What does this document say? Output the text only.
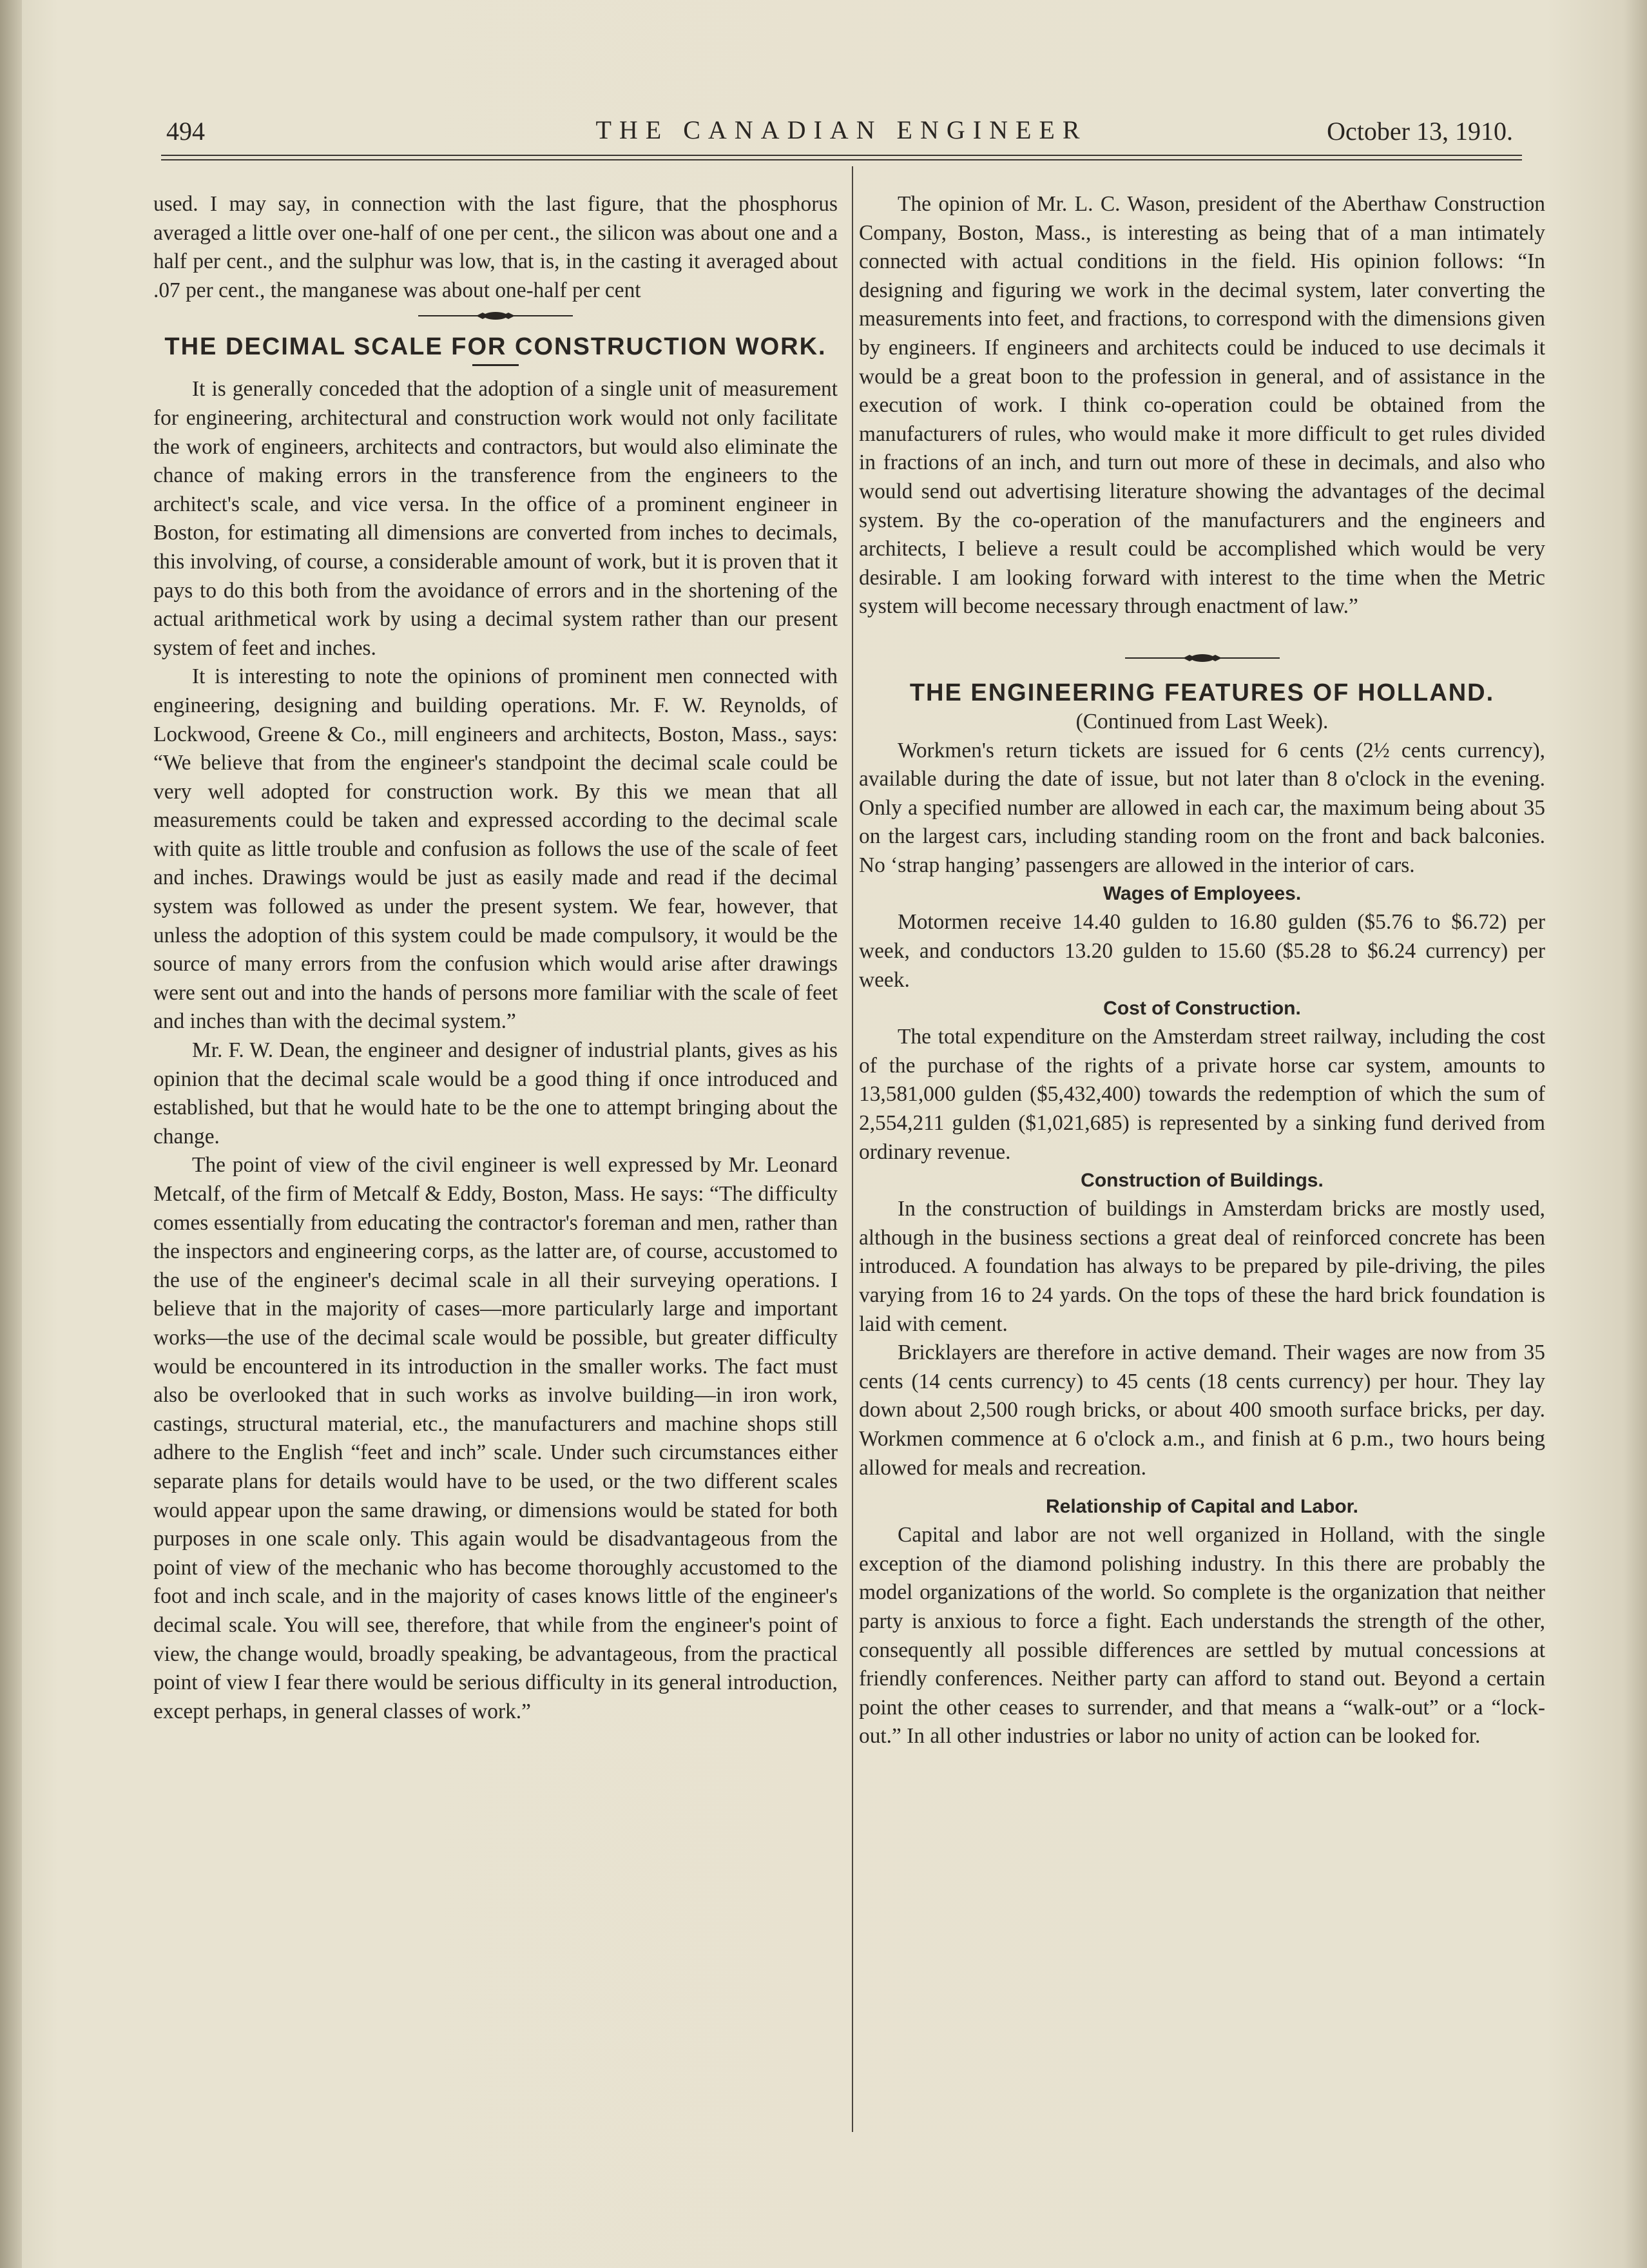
494	THE CANADIAN ENGINEER	October 13, 1910.

used. I may say, in connection with the last figure, that the phosphorus averaged a little over one-half of one per cent., the silicon was about one and a half per cent., and the sulphur was low, that is, in the casting it averaged about .07 per cent., the manganese was about one-half per cent

THE DECIMAL SCALE FOR CONSTRUCTION WORK.

It is generally conceded that the adoption of a single unit of measurement for engineering, architectural and construction work would not only facilitate the work of engineers, architects and contractors, but would also eliminate the chance of making errors in the transference from the engineers to the architect's scale, and vice versa. In the office of a prominent engineer in Boston, for estimating all dimensions are converted from inches to decimals, this involving, of course, a considerable amount of work, but it is proven that it pays to do this both from the avoidance of errors and in the shortening of the actual arithmetical work by using a decimal system rather than our present system of feet and inches.

It is interesting to note the opinions of prominent men connected with engineering, designing and building operations. Mr. F. W. Reynolds, of Lockwood, Greene & Co., mill engineers and architects, Boston, Mass., says: “We believe that from the engineer's standpoint the decimal scale could be very well adopted for construction work. By this we mean that all measurements could be taken and expressed according to the decimal scale with quite as little trouble and confusion as follows the use of the scale of feet and inches. Drawings would be just as easily made and read if the decimal system was followed as under the present system. We fear, however, that unless the adoption of this system could be made compulsory, it would be the source of many errors from the confusion which would arise after drawings were sent out and into the hands of persons more familiar with the scale of feet and inches than with the decimal system.”

Mr. F. W. Dean, the engineer and designer of industrial plants, gives as his opinion that the decimal scale would be a good thing if once introduced and established, but that he would hate to be the one to attempt bringing about the change.

The point of view of the civil engineer is well expressed by Mr. Leonard Metcalf, of the firm of Metcalf & Eddy, Boston, Mass. He says: “The difficulty comes essentially from educating the contractor's foreman and men, rather than the inspectors and engineering corps, as the latter are, of course, accustomed to the use of the engineer's decimal scale in all their surveying operations. I believe that in the majority of cases—more particularly large and important works—the use of the decimal scale would be possible, but greater difficulty would be encountered in its introduction in the smaller works. The fact must also be overlooked that in such works as involve building—in iron work, castings, structural material, etc., the manufacturers and machine shops still adhere to the English “feet and inch” scale. Under such circumstances either separate plans for details would have to be used, or the two different scales would appear upon the same drawing, or dimensions would be stated for both purposes in one scale only. This again would be disadvantageous from the point of view of the mechanic who has become thoroughly accustomed to the foot and inch scale, and in the majority of cases knows little of the engineer's decimal scale. You will see, therefore, that while from the engineer's point of view, the change would, broadly speaking, be advantageous, from the practical point of view I fear there would be serious difficulty in its general introduction, except perhaps, in general classes of work.”

The opinion of Mr. L. C. Wason, president of the Aberthaw Construction Company, Boston, Mass., is interesting as being that of a man intimately connected with actual conditions in the field. His opinion follows: “In designing and figuring we work in the decimal system, later converting the measurements into feet, and fractions, to correspond with the dimensions given by engineers. If engineers and architects could be induced to use decimals it would be a great boon to the profession in general, and of assistance in the execution of work. I think co-operation could be obtained from the manufacturers of rules, who would make it more difficult to get rules divided in fractions of an inch, and turn out more of these in decimals, and also who would send out advertising literature showing the advantages of the decimal system. By the co-operation of the manufacturers and the engineers and architects, I believe a result could be accomplished which would be very desirable. I am looking forward with interest to the time when the Metric system will become necessary through enactment of law.”

THE ENGINEERING FEATURES OF HOLLAND.
(Continued from Last Week).

Workmen's return tickets are issued for 6 cents (2½ cents currency), available during the date of issue, but not later than 8 o'clock in the evening. Only a specified number are allowed in each car, the maximum being about 35 on the largest cars, including standing room on the front and back balconies. No ‘strap hanging’ passengers are allowed in the interior of cars.

Wages of Employees.

Motormen receive 14.40 gulden to 16.80 gulden ($5.76 to $6.72) per week, and conductors 13.20 gulden to 15.60 ($5.28 to $6.24 currency) per week.

Cost of Construction.

The total expenditure on the Amsterdam street railway, including the cost of the purchase of the rights of a private horse car system, amounts to 13,581,000 gulden ($5,432,400) towards the redemption of which the sum of 2,554,211 gulden ($1,021,685) is represented by a sinking fund derived from ordinary revenue.

Construction of Buildings.

In the construction of buildings in Amsterdam bricks are mostly used, although in the business sections a great deal of reinforced concrete has been introduced. A foundation has always to be prepared by pile-driving, the piles varying from 16 to 24 yards. On the tops of these the hard brick foundation is laid with cement.

Bricklayers are therefore in active demand. Their wages are now from 35 cents (14 cents currency) to 45 cents (18 cents currency) per hour. They lay down about 2,500 rough bricks, or about 400 smooth surface bricks, per day. Workmen commence at 6 o'clock a.m., and finish at 6 p.m., two hours being allowed for meals and recreation.

Relationship of Capital and Labor.

Capital and labor are not well organized in Holland, with the single exception of the diamond polishing industry. In this there are probably the model organizations of the world. So complete is the organization that neither party is anxious to force a fight. Each understands the strength of the other, consequently all possible differences are settled by mutual concessions at friendly conferences. Neither party can afford to stand out. Beyond a certain point the other ceases to surrender, and that means a “walk-out” or a “lock-out.” In all other industries or labor no unity of action can be looked for.
